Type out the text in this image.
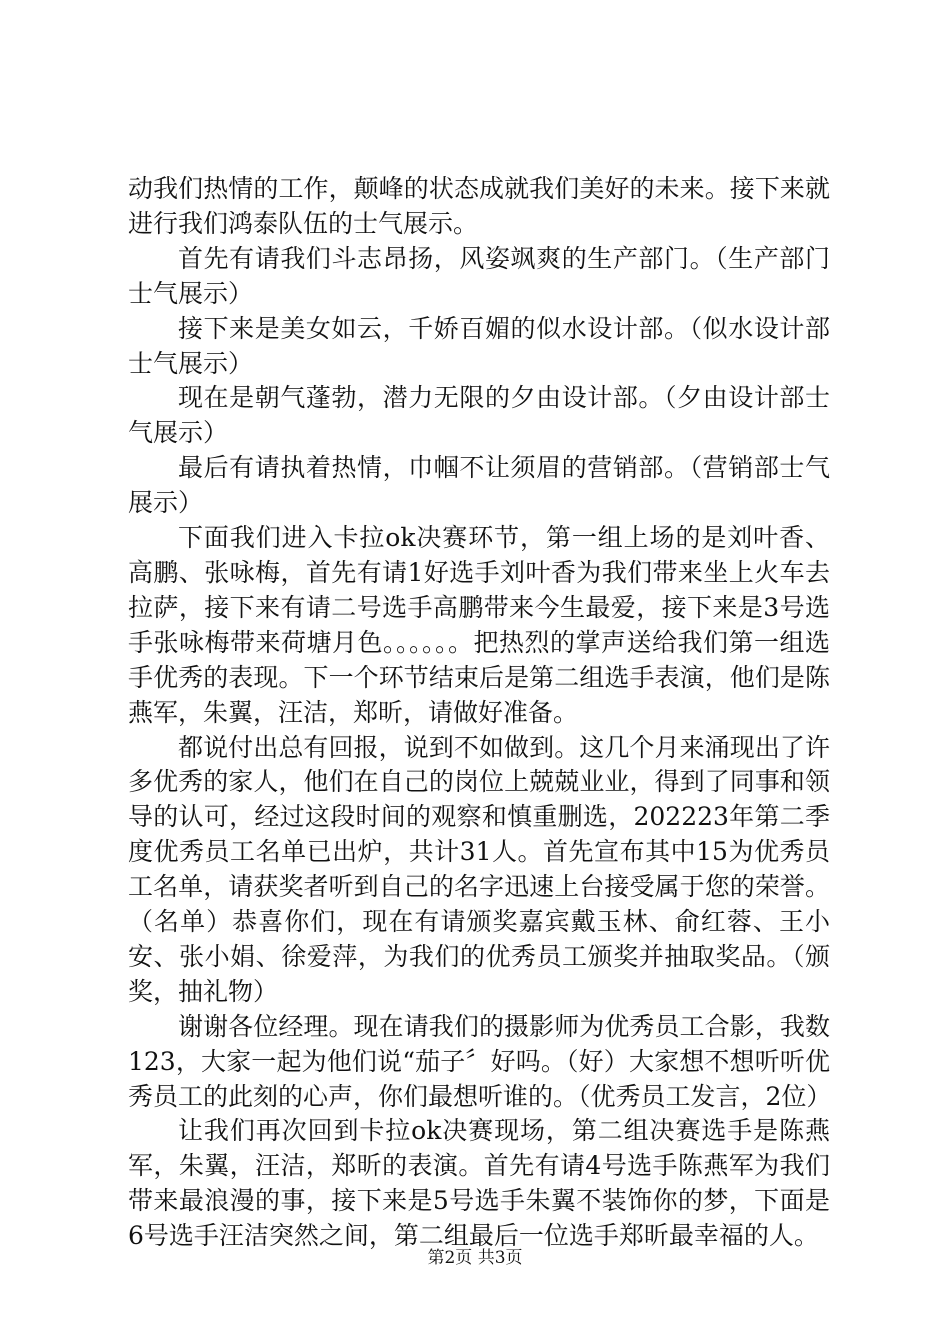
动我们热情的工作，颠峰的状态成就我们美好的未来。接下来就进行我们鸿泰队伍的士气展示。

首先有请我们斗志昂扬，风姿飒爽的生产部门。（生产部门士气展示）

接下来是美女如云，千娇百媚的似水设计部。（似水设计部士气展示）

现在是朝气蓬勃，潜力无限的夕由设计部。（夕由设计部士气展示）

最后有请执着热情，巾帼不让须眉的营销部。（营销部士气展示）

下面我们进入卡拉ok决赛环节，第一组上场的是刘叶香、高鹏、张咏梅，首先有请1好选手刘叶香为我们带来坐上火车去拉萨，接下来有请二号选手高鹏带来今生最爱，接下来是3号选手张咏梅带来荷塘月色。。。。。。把热烈的掌声送给我们第一组选手优秀的表现。下一个环节结束后是第二组选手表演，他们是陈燕军，朱翼，汪洁，郑昕，请做好准备。

都说付出总有回报，说到不如做到。这几个月来涌现出了许多优秀的家人，他们在自己的岗位上兢兢业业，得到了同事和领导的认可，经过这段时间的观察和慎重删选，202223年第二季度优秀员工名单已出炉，共计31人。首先宣布其中15为优秀员工名单，请获奖者听到自己的名字迅速上台接受属于您的荣誉。（名单）恭喜你们，现在有请颁奖嘉宾戴玉林、俞红蓉、王小安、张小娟、徐爱萍，为我们的优秀员工颁奖并抽取奖品。（颁奖，抽礼物）

谢谢各位经理。现在请我们的摄影师为优秀员工合影，我数123，大家一起为他们说“茄子〞好吗。（好）大家想不想听听优秀员工的此刻的心声，你们最想听谁的。（优秀员工发言，2位）

让我们再次回到卡拉ok决赛现场，第二组决赛选手是陈燕军，朱翼，汪洁，郑昕的表演。首先有请4号选手陈燕军为我们带来最浪漫的事，接下来是5号选手朱翼不装饰你的梦，下面是6号选手汪洁突然之间，第二组最后一位选手郑昕最幸福的人。

第2页 共3页
